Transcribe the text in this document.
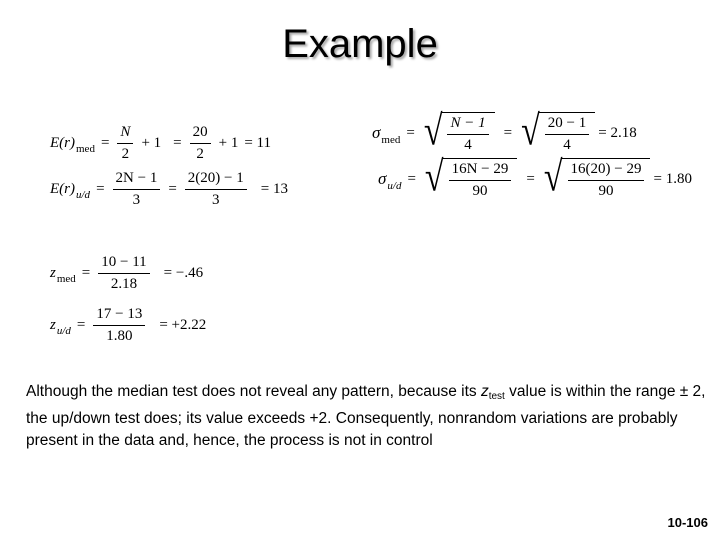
Example
$E(r)_{med} = \frac{N}{2} + 1 = \frac{20}{2} + 1 = 11$
$E(r)_{u/d} = \frac{2N - 1}{3} = \frac{2(20) - 1}{3} = 13$
$\sigma_{med}$ = √ $\frac{N - 1}{4}$ = √ $\frac{20 - 1}{4} = 2.18$
$\sigma_{u/d}$ = √ $\frac{16N - 29}{90}$ = √ $\frac{16(20) - 29}{90} = 1.80$
$z_{med} = \frac{10 - 11}{2.18} = -.46$
$z_{u/d} = \frac{17 - 13}{1.80} = +2.22$
Although the median test does not reveal any pattern, because its ztest value is within the range ± 2, the up/down test does; its value exceeds +2. Consequently, nonrandom variations are probably present in the data and, hence, the process is not in control
10-106
